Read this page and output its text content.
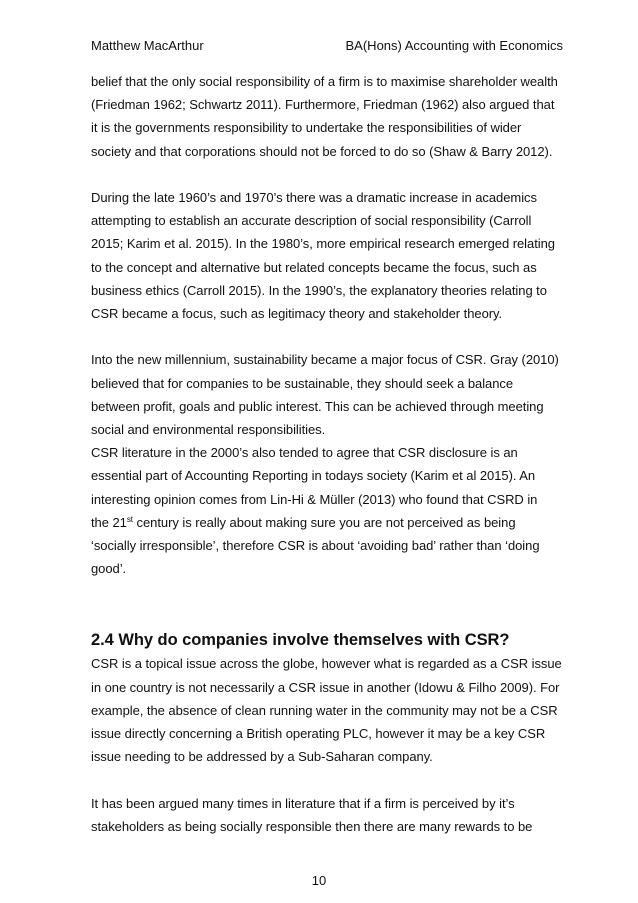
Matthew MacArthur	BA(Hons) Accounting with Economics

belief that the only social responsibility of a firm is to maximise shareholder wealth
(Friedman 1962; Schwartz 2011). Furthermore, Friedman (1962) also argued that
it is the governments responsibility to undertake the responsibilities of wider
society and that corporations should not be forced to do so (Shaw & Barry 2012).

During the late 1960’s and 1970’s there was a dramatic increase in academics
attempting to establish an accurate description of social responsibility (Carroll
2015; Karim et al. 2015). In the 1980’s, more empirical research emerged relating
to the concept and alternative but related concepts became the focus, such as
business ethics (Carroll 2015). In the 1990’s, the explanatory theories relating to
CSR became a focus, such as legitimacy theory and stakeholder theory.

Into the new millennium, sustainability became a major focus of CSR. Gray (2010)
believed that for companies to be sustainable, they should seek a balance
between profit, goals and public interest. This can be achieved through meeting
social and environmental responsibilities.

CSR literature in the 2000’s also tended to agree that CSR disclosure is an
essential part of Accounting Reporting in todays society (Karim et al 2015). An
interesting opinion comes from Lin-Hi & Müller (2013) who found that CSRD in
the 21st century is really about making sure you are not perceived as being
‘socially irresponsible’, therefore CSR is about ‘avoiding bad’ rather than ‘doing
good’.

2.4 Why do companies involve themselves with CSR?

CSR is a topical issue across the globe, however what is regarded as a CSR issue
in one country is not necessarily a CSR issue in another (Idowu & Filho 2009). For
example, the absence of clean running water in the community may not be a CSR
issue directly concerning a British operating PLC, however it may be a key CSR
issue needing to be addressed by a Sub-Saharan company.

It has been argued many times in literature that if a firm is perceived by it’s
stakeholders as being socially responsible then there are many rewards to be

10
